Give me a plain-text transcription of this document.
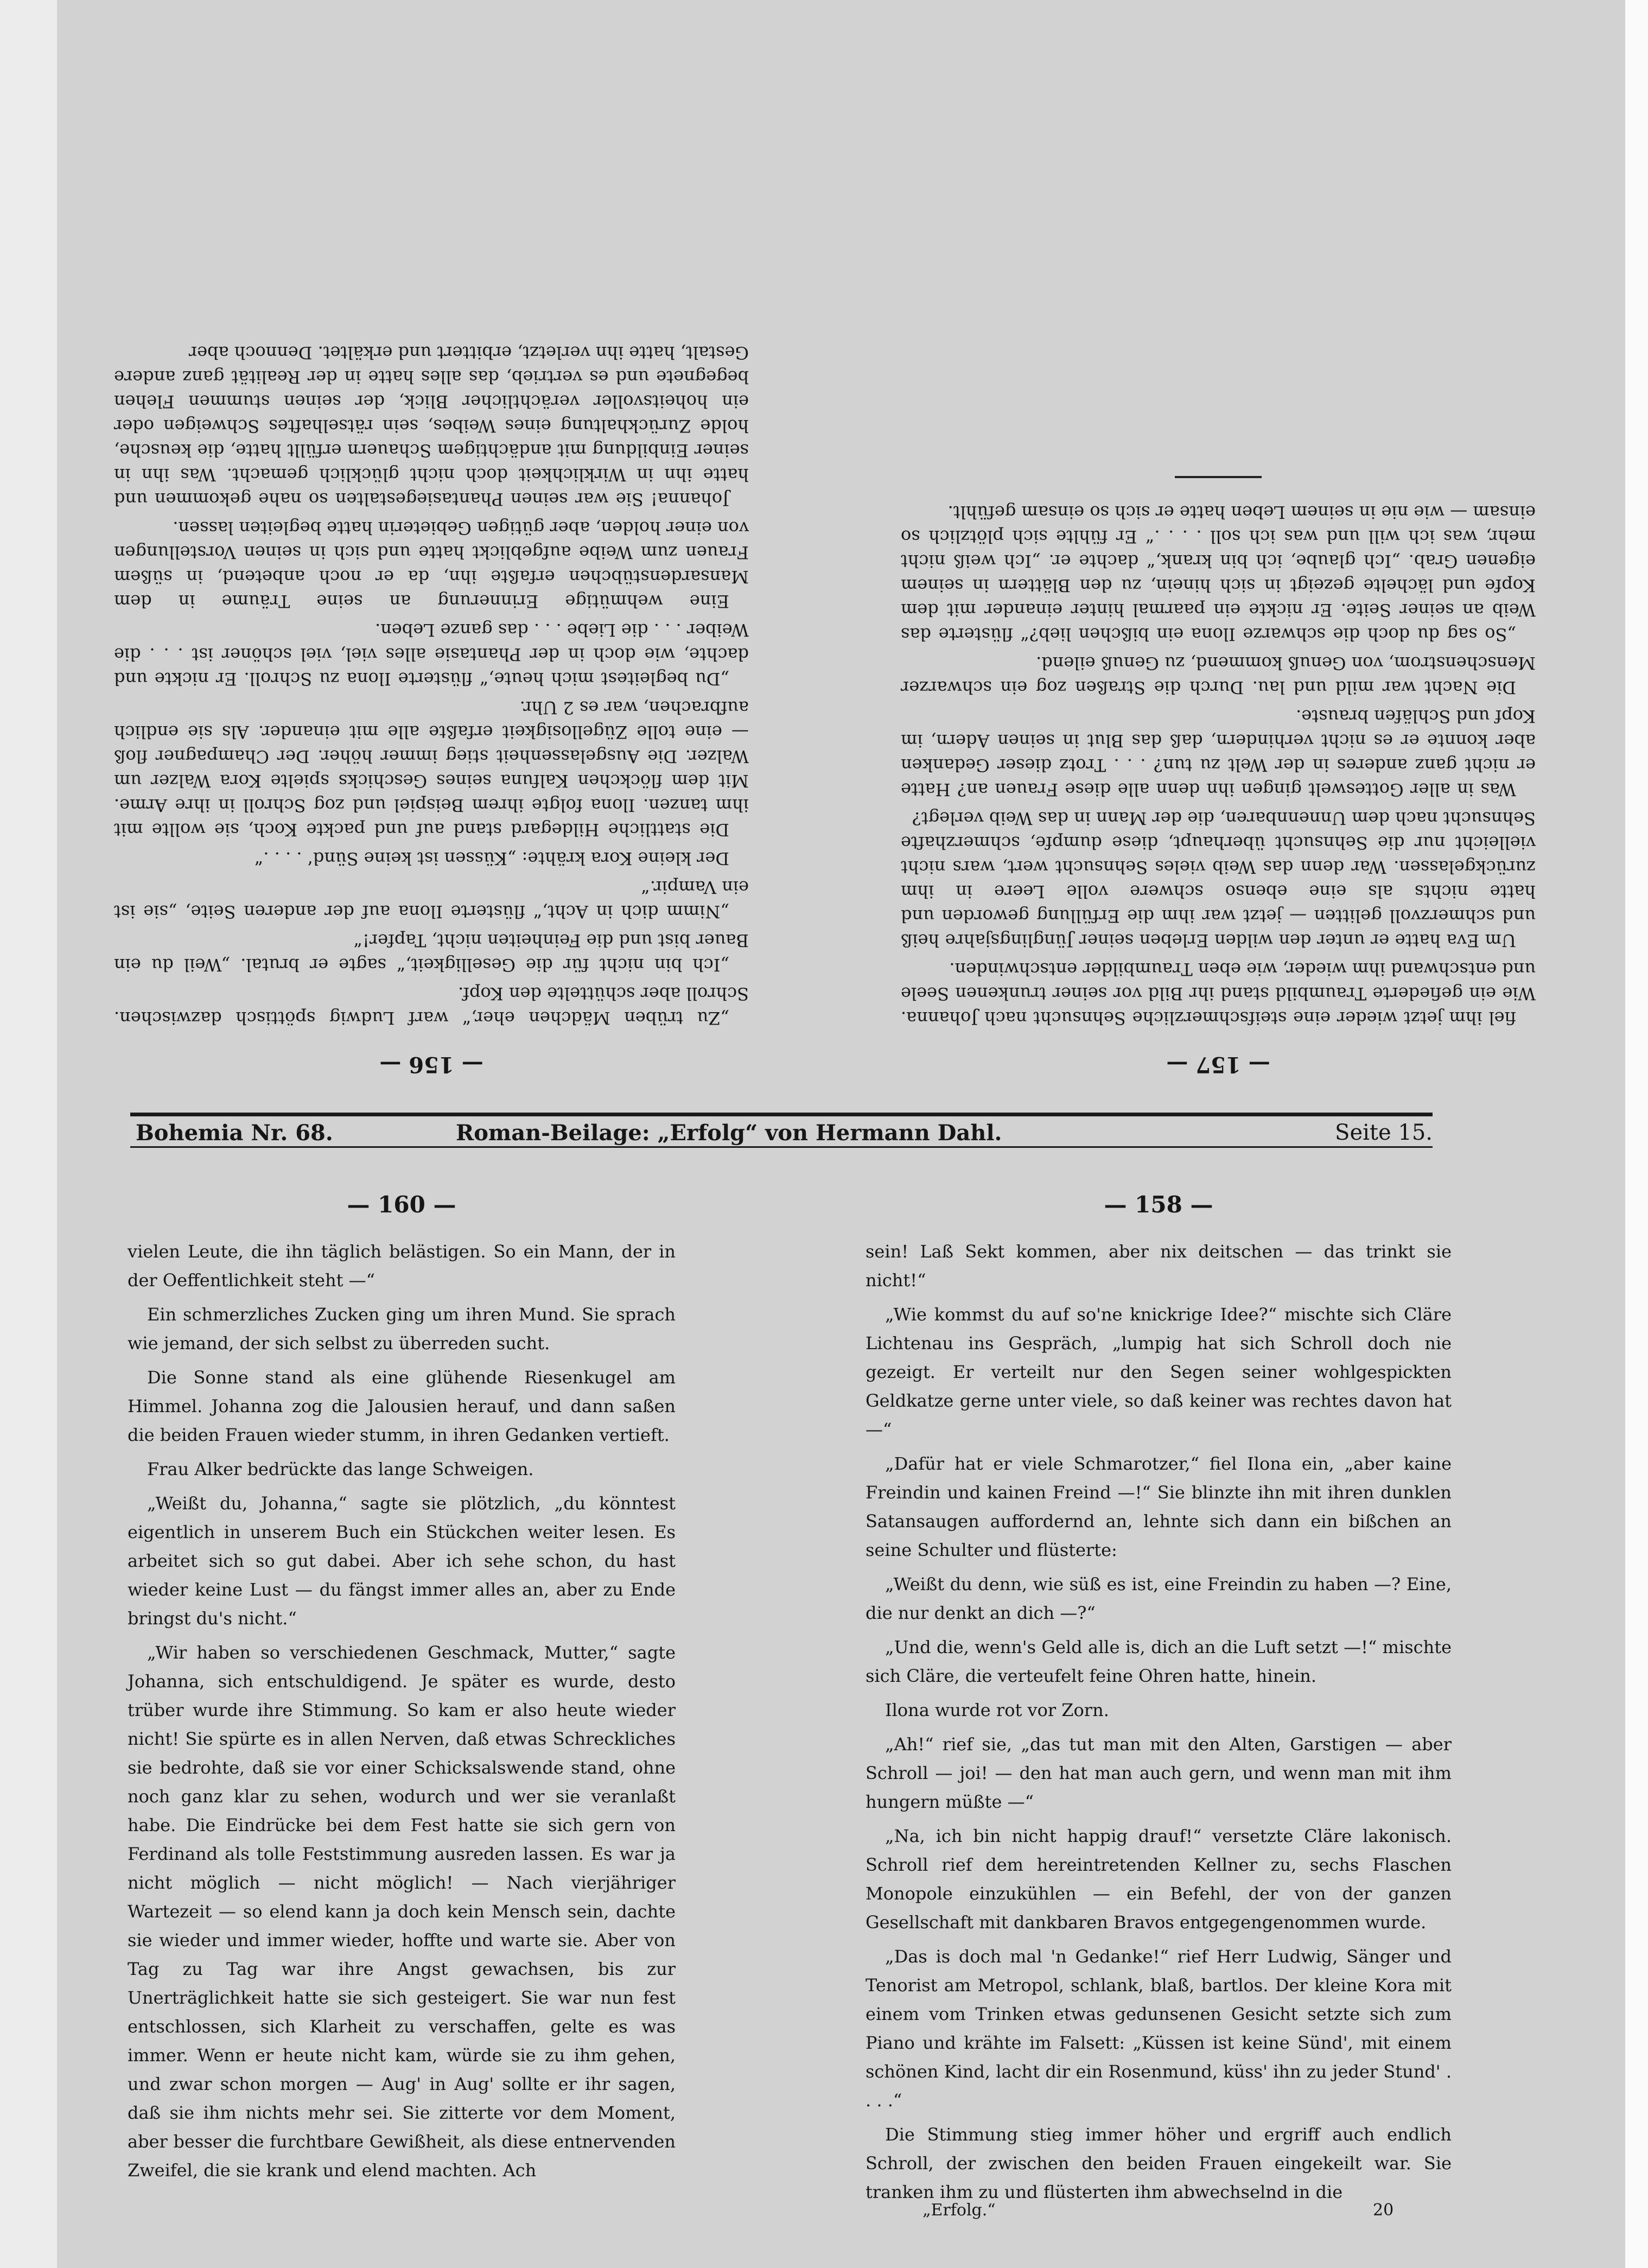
— 157 —

fiel ihm jetzt wieder eine steifschmerzliche Sehnsucht nach Johanna. Wie ein gefiederte Traumbild stand ihr Bild vor seiner trunkenen Seele und entschwand ihm wieder, wie eben Traumbilder entschwinden.

Um Eva hatte er unter den wilden Erleben seiner Jünglingsjahre heiß und schmerzvoll gelitten — jetzt war ihm die Erfüllung geworden und hatte nichts als eine ebenso schwere volle Leere in ihm zurückgelassen. War denn das Weib vieles Sehnsucht wert, wars nicht vielleicht nur die Sehnsucht überhaupt, diese dumpfe, schmerzhafte Sehnsucht nach dem Unnennbaren, die der Mann in das Weib verlegt?

Was in aller Gotteswelt gingen ihn denn alle diese Frauen an? Hatte er nicht ganz anderes in der Welt zu tun? . . . Trotz dieser Gedanken aber konnte er es nicht verhindern, daß das Blut in seinen Adern, im Kopf und Schläfen brauste.

Die Nacht war mild und lau. Durch die Straßen zog ein schwarzer Menschenstrom, von Genuß kommend, zu Genuß eilend.

„So sag du doch die schwarze Ilona ein bißchen lieb?“ flüsterte das Weib an seiner Seite. Er nickte ein paarmal hinter einander mit dem Kopfe und lächelte gezeigt in sich hinein, zu den Blättern in seinem eigenen Grab. „Ich glaube, ich bin krank,“ dachte er. „Ich weiß nicht mehr, was ich will und was ich soll . . . .“ Er fühlte sich plötzlich so einsam — wie nie in seinem Leben hatte er sich so einsam gefühlt.

— 156 —

„Zu trüben Mädchen eher,“ warf Ludwig spöttisch dazwischen. Schroll aber schüttelte den Kopf.

„Ich bin nicht für die Geselligkeit,“ sagte er brutal. „Weil du ein Bauer bist und die Feinheiten nicht, Tapfer!“

„Nimm dich in Acht,“ flüsterte Ilona auf der anderen Seite, „sie ist ein Vampir.“

Der kleine Kora krähte: „Küssen ist keine Sünd‘ . . . .“

Die stattliche Hildegard stand auf und packte Koch, sie wollte mit ihm tanzen. Ilona folgte ihrem Beispiel und zog Schroll in ihre Arme. Mit dem flöckchen Kalfuna seines Geschicks spielte Kora Walzer um Walzer. Die Ausgelassenheit stieg immer höher. Der Champagner floß — eine tolle Zügellosigkeit erfaßte alle mit einander. Als sie endlich aufbrachen, war es 2 Uhr.

„Du begleitest mich heute,“ flüsterte Ilona zu Schroll. Er nickte und dachte, wie doch in der Phantasie alles viel, viel schöner ist . . . die Weiber . . . die Liebe . . . das ganze Leben.

Eine wehmütige Erinnerung an seine Träume in dem Mansardenstübchen erfaßte ihn, da er noch anbetend, in süßem Frauen zum Weibe aufgeblickt hatte und sich in seinen Vorstellungen von einer holden, aber gütigen Gebieterin hatte begleiten lassen.

Johanna! Sie war seinen Phantasiegestalten so nahe gekommen und hatte ihn in Wirklichkeit doch nicht glücklich gemacht. Was ihn in seiner Einbildung mit andächtigem Schauern erfüllt hatte, die keusche, holde Zurückhaltung eines Weibes, sein rätselhaftes Schweigen oder ein hoheitsvoller verächtlicher Blick, der seinen stummen Flehen begegnete und es vertrieb, das alles hatte in der Realität ganz andere Gestalt, hatte ihn verletzt, erbittert und erkältet. Dennoch aber

Bohemia Nr. 68.	Roman-Beilage: „Erfolg“ von Hermann Dahl.	Seite 15.
— 160 —

vielen Leute, die ihn täglich belästigen. So ein Mann, der in der Oeffentlichkeit steht —“

Ein schmerzliches Zucken ging um ihren Mund. Sie sprach wie jemand, der sich selbst zu überreden sucht.

Die Sonne stand als eine glühende Riesenkugel am Himmel. Johanna zog die Jalousien herauf, und dann saßen die beiden Frauen wieder stumm, in ihren Gedanken vertieft.

Frau Alker bedrückte das lange Schweigen.

„Weißt du, Johanna,“ sagte sie plötzlich, „du könntest eigentlich in unserem Buch ein Stückchen weiter lesen. Es arbeitet sich so gut dabei. Aber ich sehe schon, du hast wieder keine Lust — du fängst immer alles an, aber zu Ende bringst du's nicht.“

„Wir haben so verschiedenen Geschmack, Mutter,“ sagte Johanna, sich entschuldigend. Je später es wurde, desto trüber wurde ihre Stimmung. So kam er also heute wieder nicht! Sie spürte es in allen Nerven, daß etwas Schreckliches sie bedrohte, daß sie vor einer Schicksalswende stand, ohne noch ganz klar zu sehen, wodurch und wer sie veranlaßt habe. Die Eindrücke bei dem Fest hatte sie sich gern von Ferdinand als tolle Feststimmung ausreden lassen. Es war ja nicht möglich — nicht möglich! — Nach vierjähriger Wartezeit — so elend kann ja doch kein Mensch sein, dachte sie wieder und immer wieder, hoffte und warte sie. Aber von Tag zu Tag war ihre Angst gewachsen, bis zur Unerträglichkeit hatte sie sich gesteigert. Sie war nun fest entschlossen, sich Klarheit zu verschaffen, gelte es was immer. Wenn er heute nicht kam, würde sie zu ihm gehen, und zwar schon morgen — Aug' in Aug' sollte er ihr sagen, daß sie ihm nichts mehr sei. Sie zitterte vor dem Moment, aber besser die furchtbare Gewißheit, als diese entnervenden Zweifel, die sie krank und elend machten. Ach

— 158 —

sein! Laß Sekt kommen, aber nix deitschen — das trinkt sie nicht!“

„Wie kommst du auf so'ne knickrige Idee?“ mischte sich Cläre Lichtenau ins Gespräch, „lumpig hat sich Schroll doch nie gezeigt. Er verteilt nur den Segen seiner wohlgespickten Geldkatze gerne unter viele, so daß keiner was rechtes davon hat —“

„Dafür hat er viele Schmarotzer,“ fiel Ilona ein, „aber kaine Freindin und kainen Freind —!“ Sie blinzte ihn mit ihren dunklen Satansaugen auffordernd an, lehnte sich dann ein bißchen an seine Schulter und flüsterte:

„Weißt du denn, wie süß es ist, eine Freindin zu haben —? Eine, die nur denkt an dich —?“

„Und die, wenn's Geld alle is, dich an die Luft setzt —!“ mischte sich Cläre, die verteufelt feine Ohren hatte, hinein.

Ilona wurde rot vor Zorn.

„Ah!“ rief sie, „das tut man mit den Alten, Garstigen — aber Schroll — joi! — den hat man auch gern, und wenn man mit ihm hungern müßte —“

„Na, ich bin nicht happig drauf!“ versetzte Cläre lakonisch. Schroll rief dem hereintretenden Kellner zu, sechs Flaschen Monopole einzukühlen — ein Befehl, der von der ganzen Gesellschaft mit dankbaren Bravos entgegengenommen wurde.

„Das is doch mal 'n Gedanke!“ rief Herr Ludwig, Sänger und Tenorist am Metropol, schlank, blaß, bartlos. Der kleine Kora mit einem vom Trinken etwas gedunsenen Gesicht setzte sich zum Piano und krähte im Falsett: „Küssen ist keine Sünd', mit einem schönen Kind, lacht dir ein Rosenmund, küss' ihn zu jeder Stund' . . . .“

Die Stimmung stieg immer höher und ergriff auch endlich Schroll, der zwischen den beiden Frauen eingekeilt war. Sie tranken ihm zu und flüsterten ihm abwechselnd in die

„Erfolg.“	20
